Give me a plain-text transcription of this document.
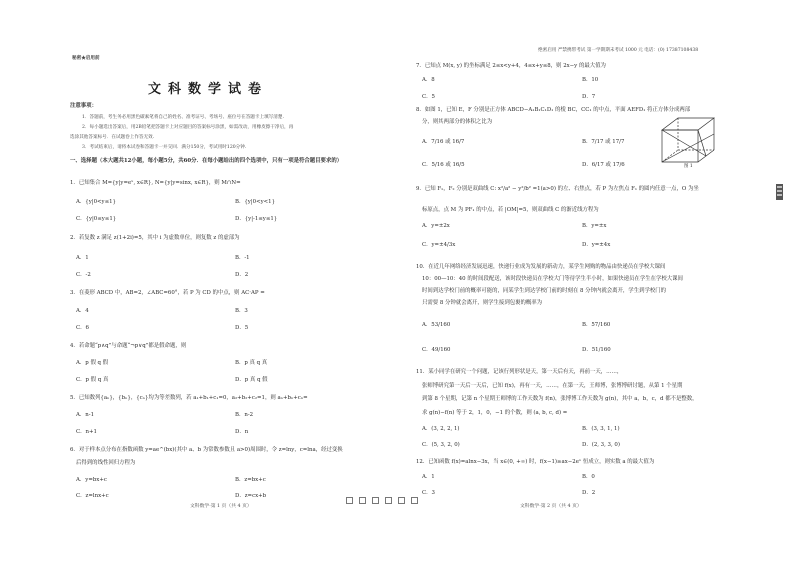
秘密★启用前
文科数学试卷
注意事项：
1．答题前，考生务必用黑色碳素笔将自己的姓名、准考证号、考场号、座位号在答题卡上填写清楚.
2．每小题选出答案后，用2B铅笔把答题卡上对应题目的答案标号涂黑，如需改动，用橡皮擦干净后，再
选涂其他答案标号．在试题卷上作答无效.
3．考试结束后，请将本试卷和答题卡一并交回．满分150分，考试用时120分钟.
一、选择题（本大题共12小题，每小题5分，共60分．在每小题给出的四个选项中，只有一项是符合题目要求的）
1．已知集合 M={y|y=eˣ, x∈R}, N={y|y=sinx, x∈R}，则 M∩N=
A．{y|0<y≤1}	B．{y|0<y<1}
C．{y|0≤y≤1}	D．{y|-1≤y≤1}
2．若复数 z 满足 z(1+2i)=5，其中 i 为虚数单位，则复数 z 的虚部为
A．1	B．-1
C．-2	D．2
3．在菱形 ABCD 中，AB=2，∠ABC=60°，若 P 为 CD 的中点，则 AC·AP =
A．4	B．3
C．6	D．5
4．若命题“p∧q”与命题“¬p∨q”都是假命题，则
A．p 假 q 假	B．p 真 q 真
C．p 假 q 真	D．p 真 q 假
5．已知数列{aₙ}，{bₙ}，{cₙ}均为等差数列，若 a₁+b₁+c₁=0，a₂+b₂+c₂=1，则 aₙ+bₙ+cₙ=
A．n-1	B．n-2
C．n+1	D．n
6．对于样本点分布在指数函数 y=ae^(bx)(其中 a、b 为常数参数且 a>0)周围时，令 z=lny，c=lna，经过变换
后得到的线性回归方程为
A．y=bx+c	B．z=bx+c
C．z=lnx+c	D．z=cx+b
文科数学·第 1 页（共 4 页）
绝密启用 严禁携带考试 第一学期期末考试 1000 元 电话：(0) 17387108438
7．已知点 M(x, y) 的坐标满足 2≤x<y+4，4≤x+y≤8，则 2x−y 的最大值为
A．8	B．10
C．5	D．7
8．如图 1，已知 E，F 分别是正方体 ABCD−A₁B₁C₁D₁ 的棱 BC，CC₁ 的中点，平面 AEFD₁ 将正方体分成两部
分，则其两部分的体积之比为
A．7/16 或 16/7	B．7/17 或 17/7
C．5/16 或 16/5	D．6/17 或 17/6
9．已知 F₁，F₂ 分别是双曲线 C: x²/a² − y²/b² =1(a>0) 的左、右焦点，若 P 为左焦点 F₁ 的圆内任意一点，O 为坐
标原点，点 M 为 PF₁ 的中点，若 |OM|=5，则双曲线 C 的渐近线方程为
A．y=±2x	B．y=±x
C．y=±4/3x	D．y=±4x
10．在近几年网络经济发展迅速，快递行业成为发展的新动力，某学生网购的物品由快递员在学校大课间
10：00—10：40 的时间段配送，该时段快递员在学校大门等待学生半小时，如果快递员在学生在学校大课间
时间到达学校门前的概率可能的，同某学生到达学校门前的时刻在 8 分钟内就会离开，学生到学校门的
只需要 8 分钟就会离开，则学生接到包裹的概率为
A．53/160	B．57/160
C．49/160	D．51/160
11．某小同学在研究一个问题，记该行列形状是天，第一天后有天，再前一天，……，
张师博研究第一天后一天后，已知 f(x)，再有一天，……，在第一天，王师博，张博博研讨题，从第 1 个星期
到第 8 个星期，记第 n 个星期王师博的工作天数为 f(n)，张博博工作天数为 g(n)，其中 a，b，c，d 都不是整数，
求 g(n)−f(n) 等于 2，1，0，−1 的个数，则 (a, b, c, d) =
A．(3, 2, 2, 1)	B．(3, 3, 1, 1)
C．(5, 3, 2, 0)	D．(2, 3, 3, 0)
12．已知函数 f(x)=alnx−3x，当 x∈(0, +∞) 时，f(x−1)≥ax−2eˣ 恒成立，则实数 a 的最大值为
A．1	B．0
C．3	D．2
文科数学·第 2 页（共 4 页）
图 1
